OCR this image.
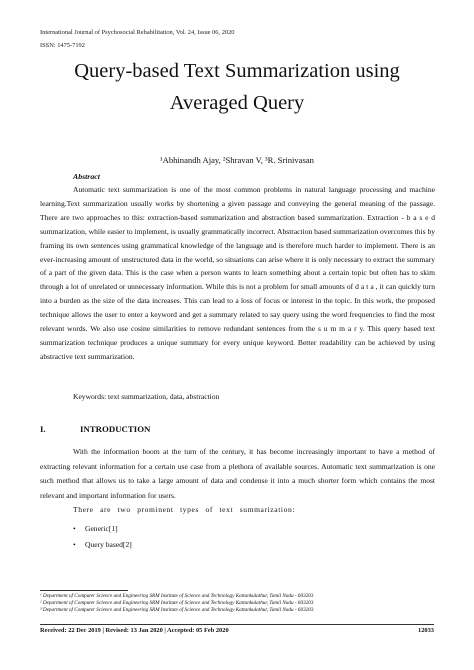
International Journal of Psychosocial Rehabilitation, Vol. 24, Issue 06, 2020
ISSN: 1475-7192
Query-based Text Summarization using
Averaged Query
¹Abhinandh Ajay, ²Shravan V, ³R. Srinivasan
Abstract

Automatic text summarization is one of the most common problems in natural language processing and machine learning.Text summarization usually works by shortening a given passage and conveying the general meaning of the passage. There are two approaches to this: extraction-based summarization and abstraction based summarization. Extraction - b a s e d summarization, while easier to implement, is usually grammatically incorrect. Abstraction based summarization overcomes this by framing its own sentences using grammatical knowledge of the language and is therefore much harder to implement. There is an ever-increasing amount of unstructured data in the world, so situations can arise where it is only necessary to extract the summary of a part of the given data. This is the case when a person wants to learn something about a certain topic but often has to skim through a lot of unrelated or unnecessary information. While this is not a problem for small amounts of d a t a , it can quickly turn into a burden as the size of the data increases. This can lead to a loss of focus or interest in the topic. In this work, the proposed technique allows the user to enter a keyword and get a summary related to say query using the word frequencies to find the most relevant words. We also use cosine similarities to remove redundant sentences from the s u m m a r y. This query based text summarization technique produces a unique summary for every unique keyword. Better readability can be achieved by using abstractive text summarization.

Keywords: text summarization, data, abstraction
I.	INTRODUCTION

With the information boom at the turn of the century, it has become increasingly important to have a method of extracting relevant information for a certain use case from a plethora of available sources. Automatic text summarization is one such method that allows us to take a large amount of data and condense it into a much shorter form which contains the most relevant and important information for users.

There are two prominent types of text summarization:
•	Generic[1]
•	Query based[2]
¹ Department of Computer Science and Engineering SRM Institute of Science and Technology Kattankulathur, Tamil Nadu - 603203
² Department of Computer Science and Engineering SRM Institute of Science and Technology Kattankulathur, Tamil Nadu - 603203
³ Department of Computer Science and Engineering SRM Institute of Science and Technology Kattankulathur, Tamil Nadu - 603203
Received: 22 Dec 2019 | Revised: 13 Jan 2020 | Accepted: 05 Feb 2020	12033
